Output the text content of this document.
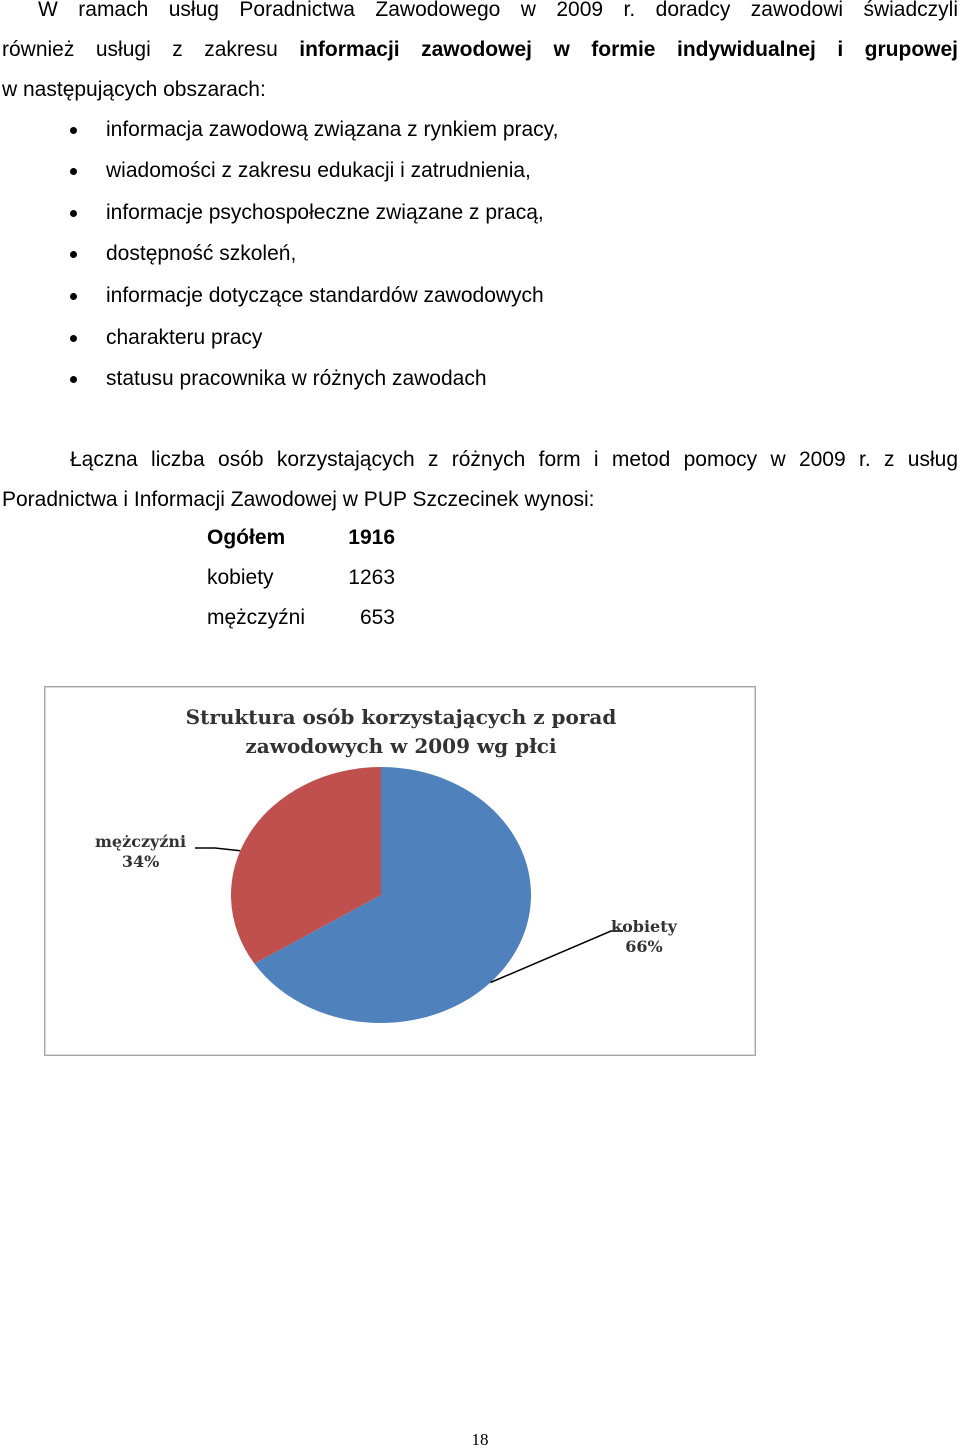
W ramach usług Poradnictwa Zawodowego w 2009 r. doradcy zawodowi świadczyli
również usługi z zakresu informacji zawodowej w formie indywidualnej i grupowej
w następujących obszarach:
informacja zawodową związana z rynkiem pracy,
wiadomości z zakresu edukacji i zatrudnienia,
informacje psychospołeczne związane z pracą,
dostępność szkoleń,
informacje dotyczące standardów zawodowych
charakteru pracy
statusu pracownika w różnych zawodach
Łączna liczba osób korzystających z różnych form i metod pomocy w 2009 r. z usług
Poradnictwa i Informacji Zawodowej w PUP Szczecinek wynosi:
Ogółem	1916
kobiety	1263
mężczyźni	653
Struktura osób korzystających z porad
zawodowych w 2009 wg płci
kobiety
66%
mężczyźni
34%
18
